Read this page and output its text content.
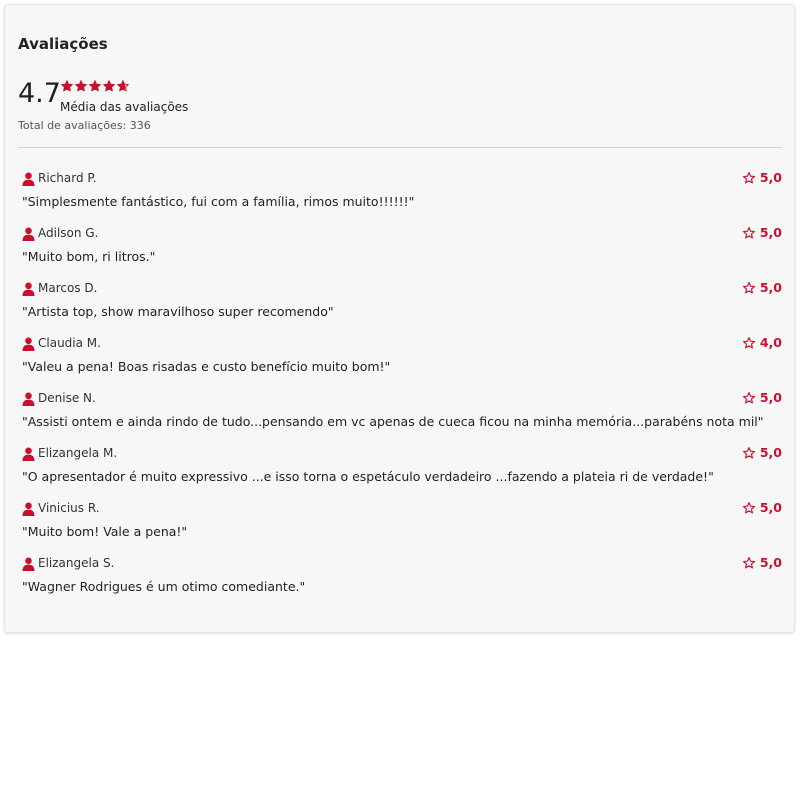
Avaliações
4.7 Média das avaliações
Total de avaliações: 336
Richard P.	5,0
"Simplesmente fantástico, fui com a família, rimos muito!!!!!!"
Adilson G.	5,0
"Muito bom, ri litros."
Marcos D.	5,0
"Artista top, show maravilhoso super recomendo"
Claudia M.	4,0
"Valeu a pena! Boas risadas e custo benefício muito bom!"
Denise N.	5,0
"Assisti ontem e ainda rindo de tudo...pensando em vc apenas de cueca ficou na minha memória...parabéns nota mil"
Elizangela M.	5,0
"O apresentador é muito expressivo ...e isso torna o espetáculo verdadeiro ...fazendo a plateia ri de verdade!"
Vinicius R.	5,0
"Muito bom! Vale a pena!"
Elizangela S.	5,0
"Wagner Rodrigues é um otimo comediante."
